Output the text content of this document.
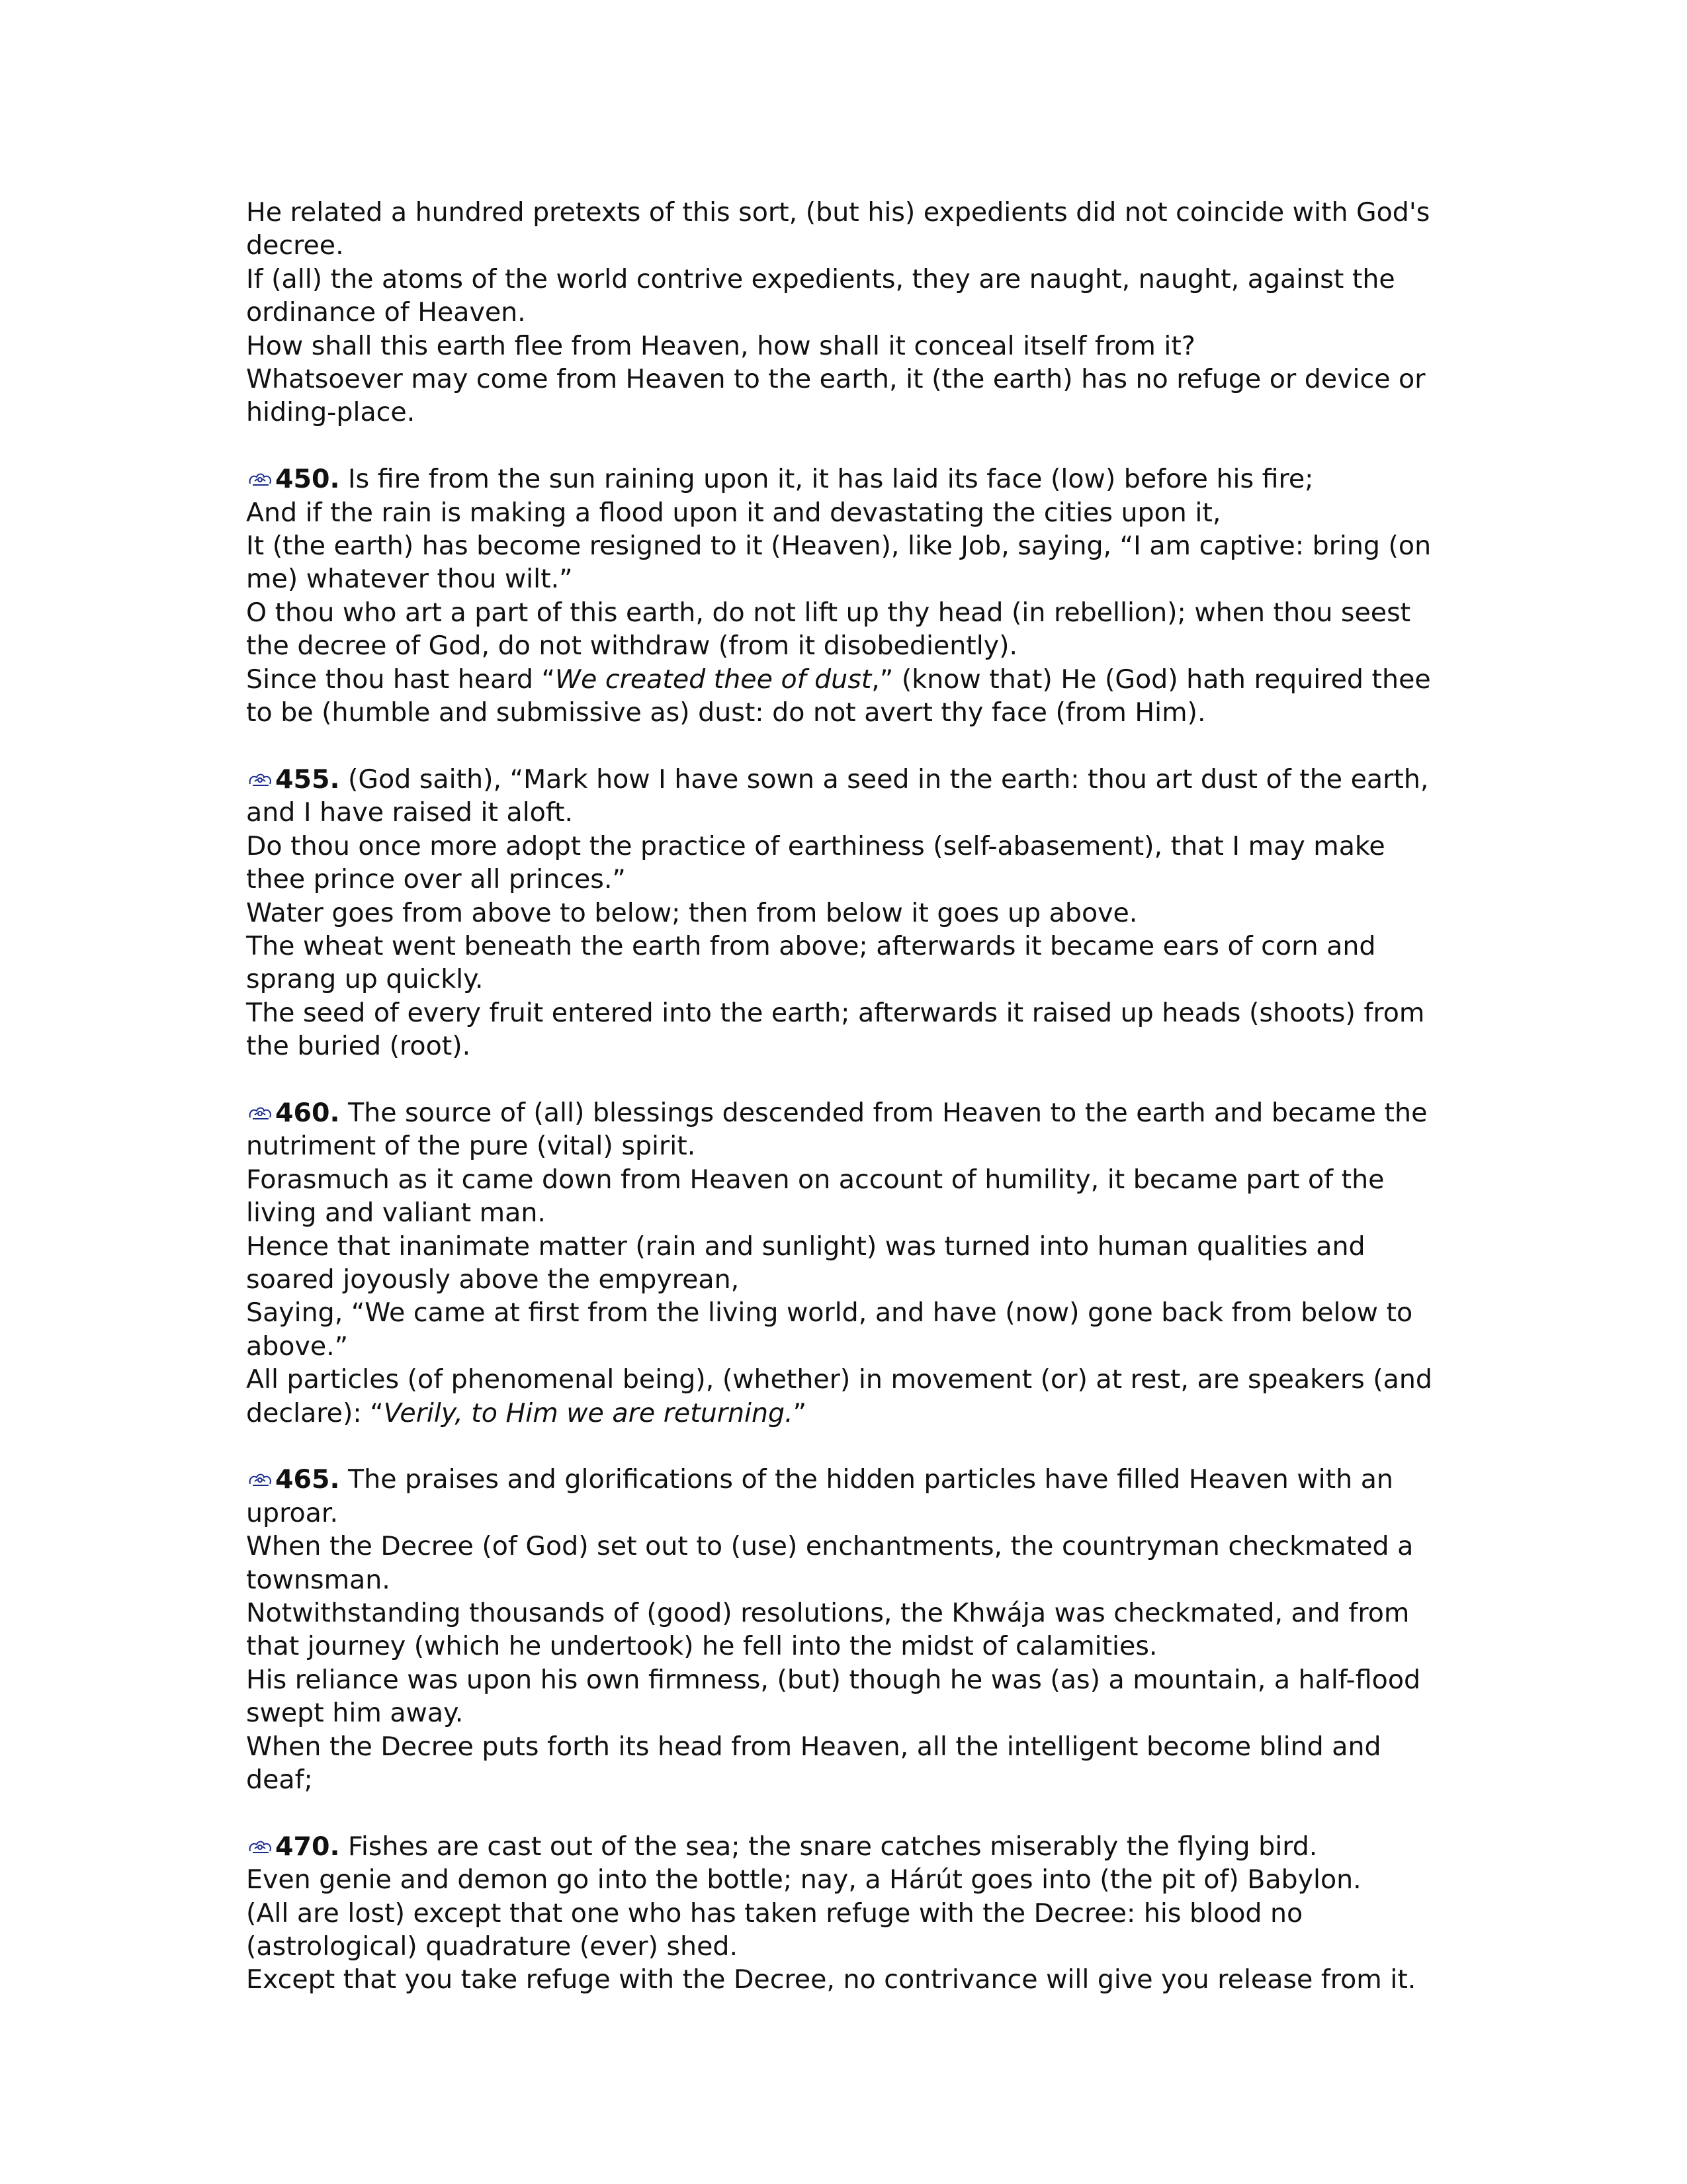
He related a hundred pretexts of this sort, (but his) expedients did not coincide with God's decree.
If (all) the atoms of the world contrive expedients, they are naught, naught, against the ordinance of Heaven.
How shall this earth flee from Heaven, how shall it conceal itself from it?
Whatsoever may come from Heaven to the earth, it (the earth) has no refuge or device or hiding-place.
450. Is fire from the sun raining upon it, it has laid its face (low) before his fire;
And if the rain is making a flood upon it and devastating the cities upon it,
It (the earth) has become resigned to it (Heaven), like Job, saying, “I am captive: bring (on me) whatever thou wilt.”
O thou who art a part of this earth, do not lift up thy head (in rebellion); when thou seest the decree of God, do not withdraw (from it disobediently).
Since thou hast heard “We created thee of dust,” (know that) He (God) hath required thee to be (humble and submissive as) dust: do not avert thy face (from Him).
455. (God saith), “Mark how I have sown a seed in the earth: thou art dust of the earth, and I have raised it aloft.
Do thou once more adopt the practice of earthiness (self-abasement), that I may make thee prince over all princes.”
Water goes from above to below; then from below it goes up above.
The wheat went beneath the earth from above; afterwards it became ears of corn and sprang up quickly.
The seed of every fruit entered into the earth; afterwards it raised up heads (shoots) from the buried (root).
460. The source of (all) blessings descended from Heaven to the earth and became the nutriment of the pure (vital) spirit.
Forasmuch as it came down from Heaven on account of humility, it became part of the living and valiant man.
Hence that inanimate matter (rain and sunlight) was turned into human qualities and soared joyously above the empyrean,
Saying, “We came at first from the living world, and have (now) gone back from below to above.”
All particles (of phenomenal being), (whether) in movement (or) at rest, are speakers (and declare): “Verily, to Him we are returning.”
465. The praises and glorifications of the hidden particles have filled Heaven with an uproar.
When the Decree (of God) set out to (use) enchantments, the countryman checkmated a townsman.
Notwithstanding thousands of (good) resolutions, the Khwája was checkmated, and from that journey (which he undertook) he fell into the midst of calamities.
His reliance was upon his own firmness, (but) though he was (as) a mountain, a half-flood swept him away.
When the Decree puts forth its head from Heaven, all the intelligent become blind and deaf;
470. Fishes are cast out of the sea; the snare catches miserably the flying bird.
Even genie and demon go into the bottle; nay, a Hárút goes into (the pit of) Babylon.
(All are lost) except that one who has taken refuge with the Decree: his blood no (astrological) quadrature (ever) shed.
Except that you take refuge with the Decree, no contrivance will give you release from it.
